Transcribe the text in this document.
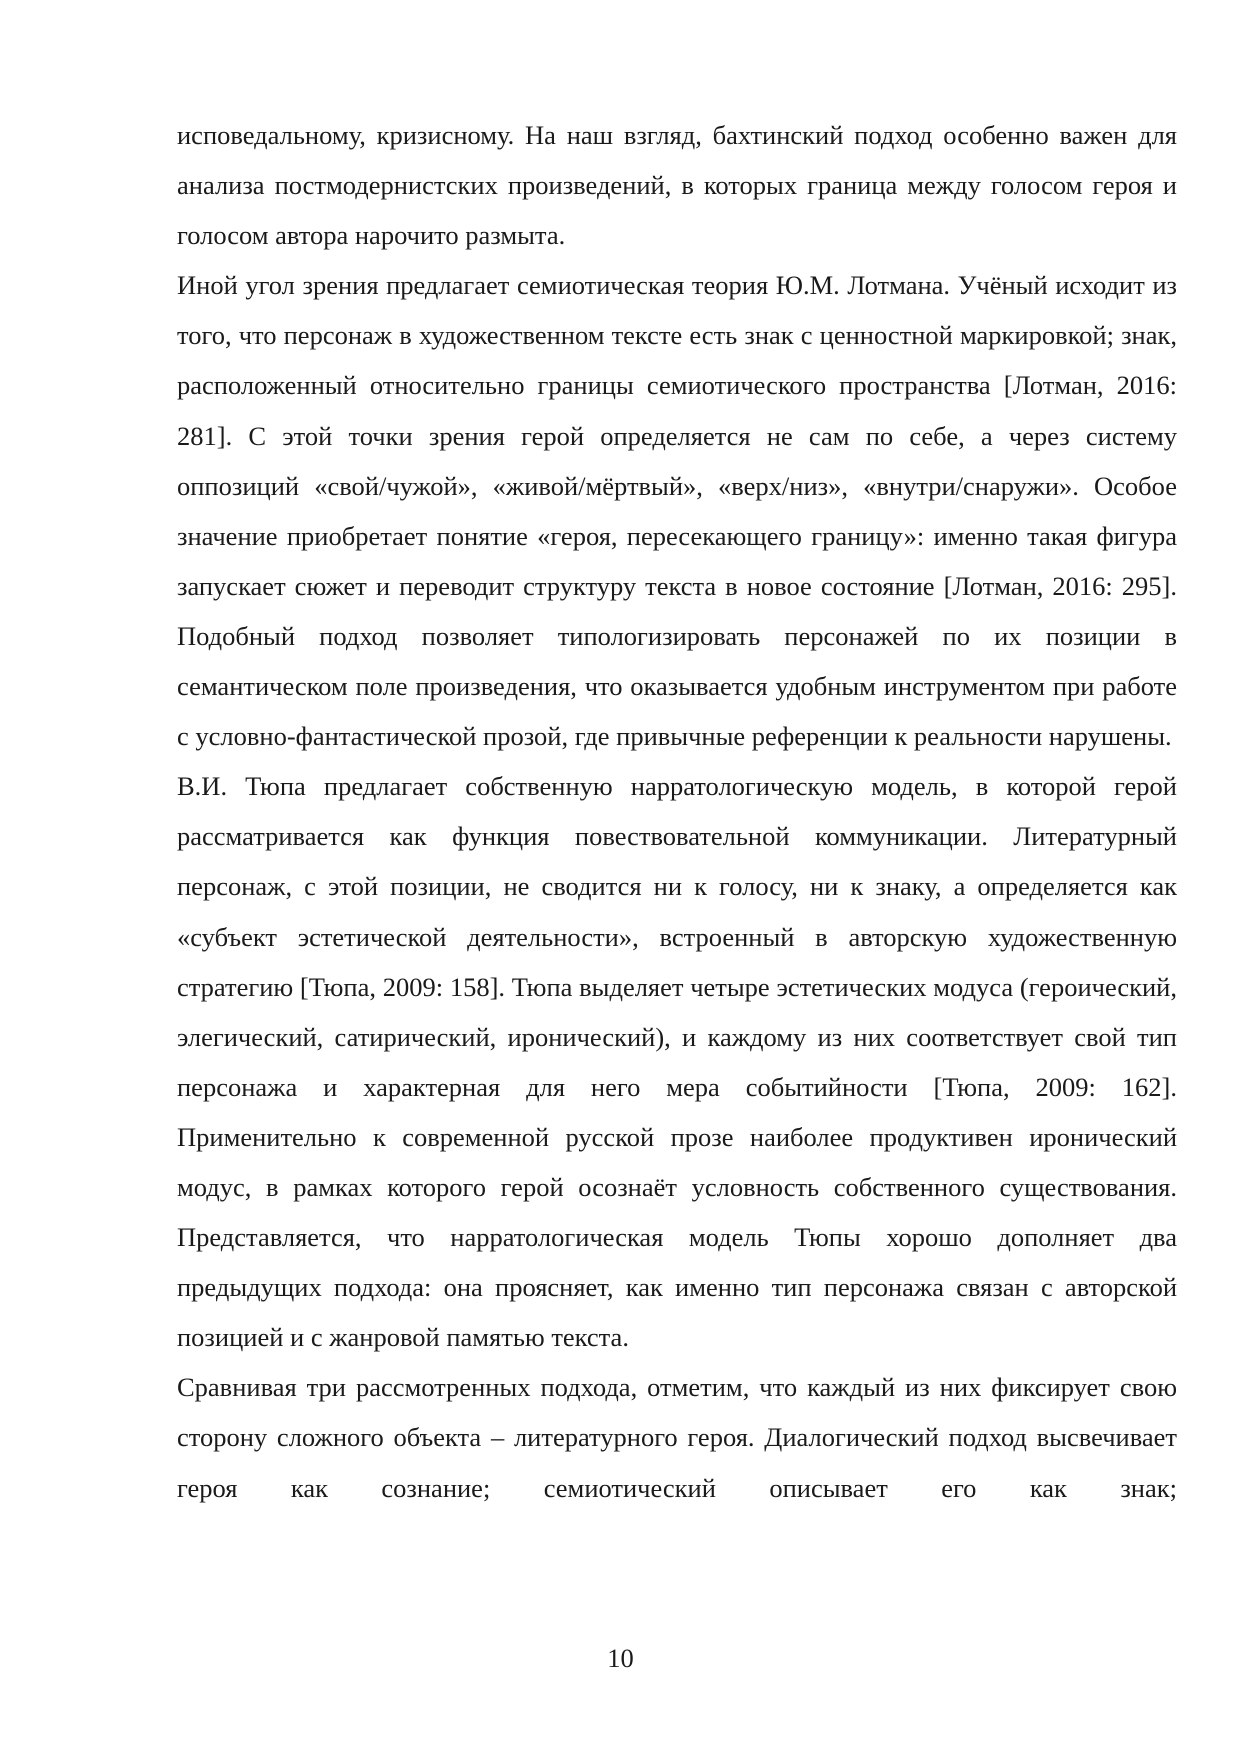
исповедальному, кризисному. На наш взгляд, бахтинский подход особенно важен для анализа постмодернистских произведений, в которых граница между голосом героя и голосом автора нарочито размыта.

Иной угол зрения предлагает семиотическая теория Ю.М. Лотмана. Учёный исходит из того, что персонаж в художественном тексте есть знак с ценностной маркировкой; знак, расположенный относительно границы семиотического пространства [Лотман, 2016: 281]. С этой точки зрения герой определяется не сам по себе, а через систему оппозиций «свой/чужой», «живой/мёртвый», «верх/низ», «внутри/снаружи». Особое значение приобретает понятие «героя, пересекающего границу»: именно такая фигура запускает сюжет и переводит структуру текста в новое состояние [Лотман, 2016: 295]. Подобный подход позволяет типологизировать персонажей по их позиции в семантическом поле произведения, что оказывается удобным инструментом при работе с условно-фантастической прозой, где привычные референции к реальности нарушены.

В.И. Тюпа предлагает собственную нарратологическую модель, в которой герой рассматривается как функция повествовательной коммуникации. Литературный персонаж, с этой позиции, не сводится ни к голосу, ни к знаку, а определяется как «субъект эстетической деятельности», встроенный в авторскую художественную стратегию [Тюпа, 2009: 158]. Тюпа выделяет четыре эстетических модуса (героический, элегический, сатирический, иронический), и каждому из них соответствует свой тип персонажа и характерная для него мера событийности [Тюпа, 2009: 162]. Применительно к современной русской прозе наиболее продуктивен иронический модус, в рамках которого герой осознаёт условность собственного существования. Представляется, что нарратологическая модель Тюпы хорошо дополняет два предыдущих подхода: она проясняет, как именно тип персонажа связан с авторской позицией и с жанровой памятью текста.

Сравнивая три рассмотренных подхода, отметим, что каждый из них фиксирует свою сторону сложного объекта – литературного героя. Диалогический подход высвечивает героя как сознание; семиотический описывает его как знак;

10
